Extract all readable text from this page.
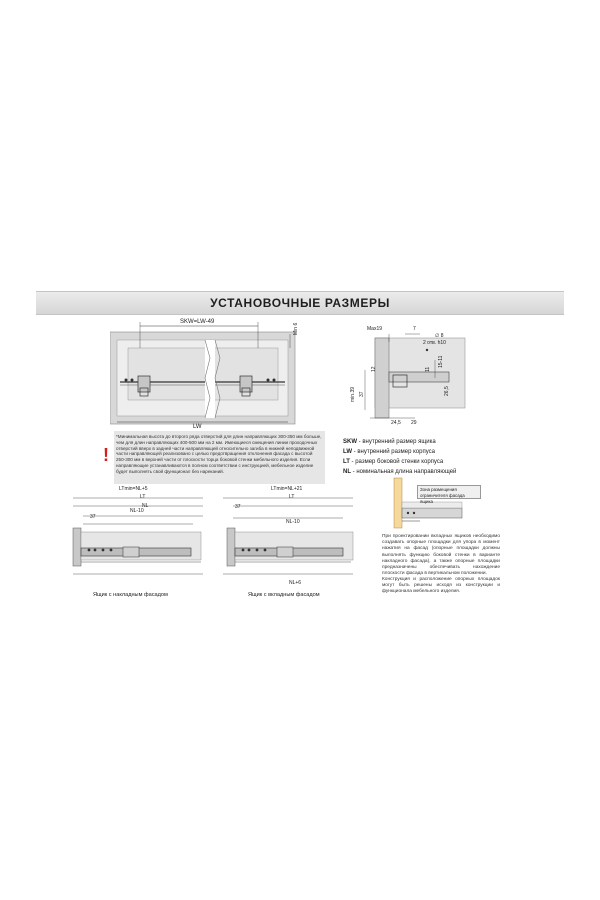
УСТАНОВОЧНЫЕ РАЗМЕРЫ
SKW=LW-49
Min 6
LW
Max19	7
∅ 8
2 отв. h10
15-11
12	11
min.39 37	26,5
24,5 29
!
*Минимальная высота до второго ряда отверстий для длин направляющих 300-350 мм больше, чем для длин направляющих 400-500 мм на 2 мм. Имеющиеся смещения линии проходочных отверстий вверх в задней части направляющей относительно загиба в нижней неподвижной части направляющей реализовано с целью предотвращения отклонения фасада с высотой 250-300 мм в верхней части от плоскости торца боковой стенки мебельного изделия. Если направляющие устанавливаются в полном соответствии с инструкцией, мебельное изделие будет выполнять свой функционал без нареканий.
SKW - внутренний размер ящика
LW - внутренний размер корпуса
LT - размер боковой стенки корпуса
NL - номинальная длина направляющей
LTmin=NL+5
LT
NL
NL-10
37
Ящик с накладным фасадом
LTmin=NL+21
LT
37
NL-10
NL+6
Ящик с вкладным фасадом
Зона размещения ограничителя фасада ящика
При проектировании вкладных ящиков необходимо создавать опорные площадки для упора в момент нажатия на фасад (опорные площадки должны выполнять функцию боковой стенки в варианте накладного фасада), а также опорные площадки предназначены обеспечивать нахождение плоскости фасада в вертикальном положении.
Конструкция и расположение опорных площадок могут быть решены исходя из конструкции и функционала мебельного изделия.
